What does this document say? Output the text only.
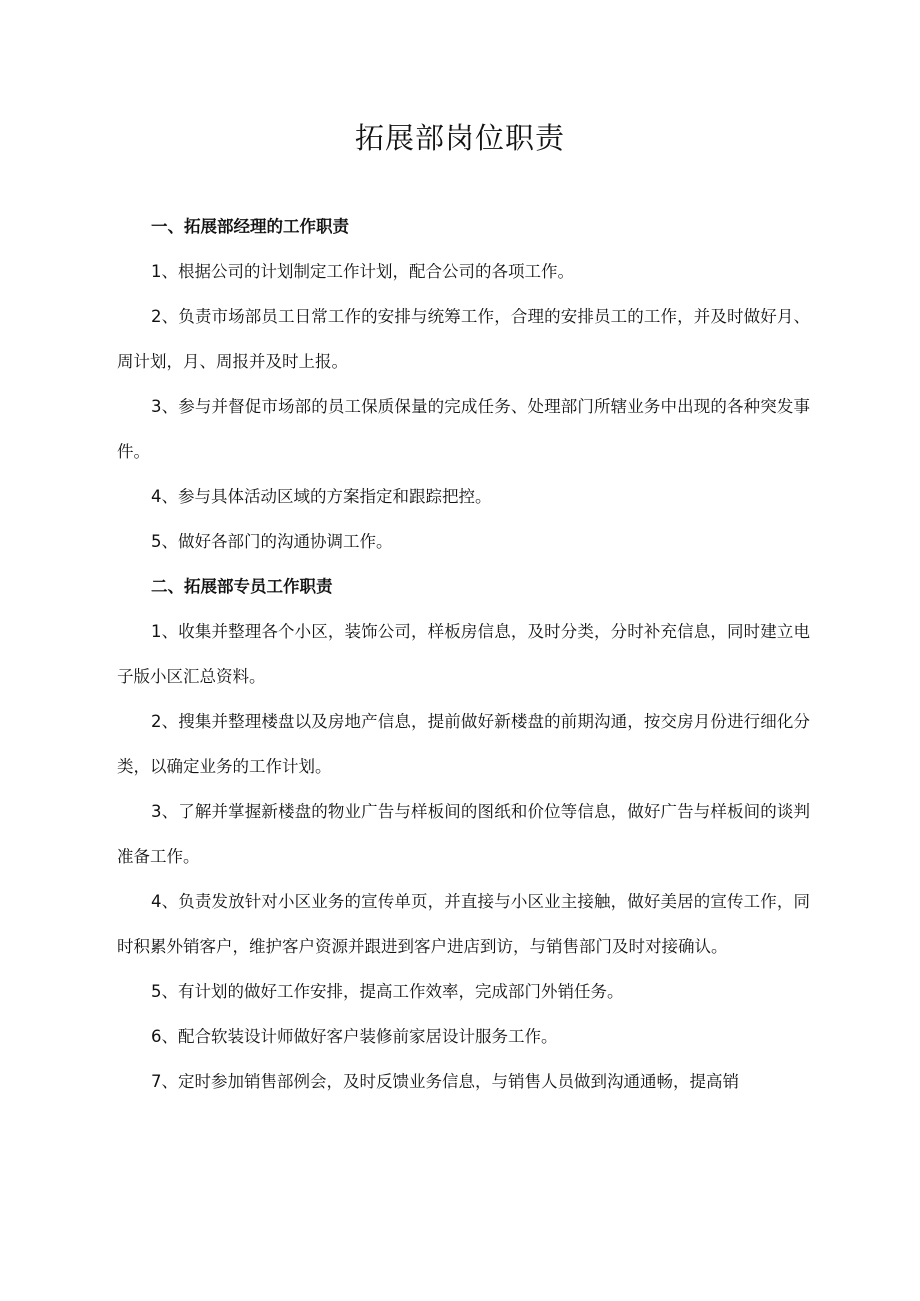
拓展部岗位职责
一、拓展部经理的工作职责

1、根据公司的计划制定工作计划，配合公司的各项工作。

2、负责市场部员工日常工作的安排与统筹工作，合理的安排员工的工作，并及时做好月、周计划，月、周报并及时上报。

3、参与并督促市场部的员工保质保量的完成任务、处理部门所辖业务中出现的各种突发事件。

4、参与具体活动区域的方案指定和跟踪把控。

5、做好各部门的沟通协调工作。

二、拓展部专员工作职责

1、收集并整理各个小区，装饰公司，样板房信息，及时分类，分时补充信息，同时建立电子版小区汇总资料。

2、搜集并整理楼盘以及房地产信息，提前做好新楼盘的前期沟通，按交房月份进行细化分类，以确定业务的工作计划。

3、了解并掌握新楼盘的物业广告与样板间的图纸和价位等信息，做好广告与样板间的谈判准备工作。

4、负责发放针对小区业务的宣传单页，并直接与小区业主接触，做好美居的宣传工作，同时积累外销客户，维护客户资源并跟进到客户进店到访，与销售部门及时对接确认。

5、有计划的做好工作安排，提高工作效率，完成部门外销任务。

6、配合软装设计师做好客户装修前家居设计服务工作。

7、定时参加销售部例会，及时反馈业务信息，与销售人员做到沟通通畅，提高销
